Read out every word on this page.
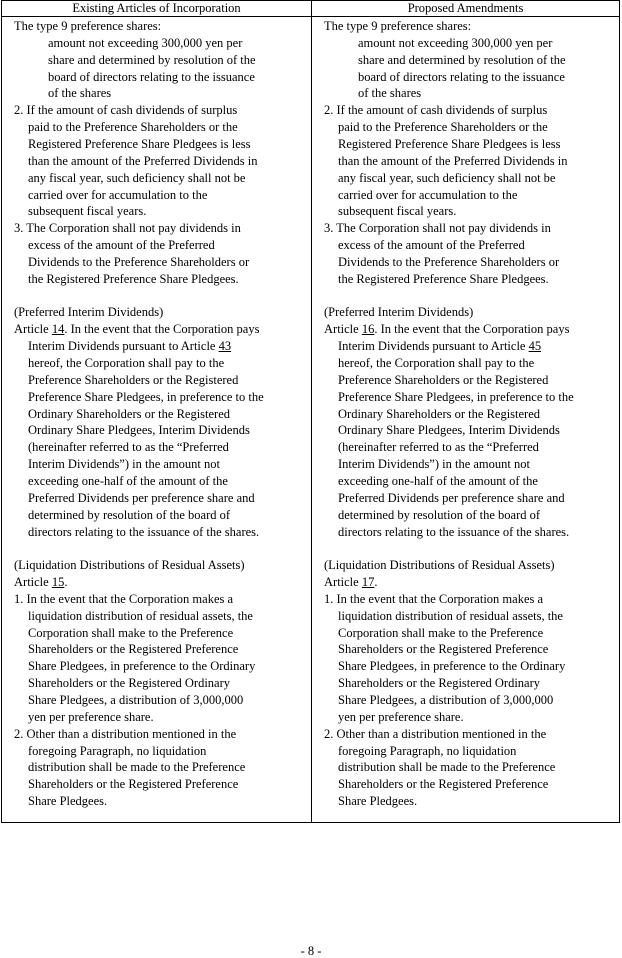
Existing Articles of Incorporation	Proposed Amendments
The type 9 preference shares:
amount not exceeding 300,000 yen per
share and determined by resolution of the
board of directors relating to the issuance
of the shares
2. If the amount of cash dividends of surplus
paid to the Preference Shareholders or the
Registered Preference Share Pledgees is less
than the amount of the Preferred Dividends in
any fiscal year, such deficiency shall not be
carried over for accumulation to the
subsequent fiscal years.
3. The Corporation shall not pay dividends in
excess of the amount of the Preferred
Dividends to the Preference Shareholders or
the Registered Preference Share Pledgees.
(Preferred Interim Dividends)
Article 14. In the event that the Corporation pays
Interim Dividends pursuant to Article 43
hereof, the Corporation shall pay to the
Preference Shareholders or the Registered
Preference Share Pledgees, in preference to the
Ordinary Shareholders or the Registered
Ordinary Share Pledgees, Interim Dividends
(hereinafter referred to as the “Preferred
Interim Dividends”) in the amount not
exceeding one-half of the amount of the
Preferred Dividends per preference share and
determined by resolution of the board of
directors relating to the issuance of the shares.
(Liquidation Distributions of Residual Assets)
Article 15.
1. In the event that the Corporation makes a
liquidation distribution of residual assets, the
Corporation shall make to the Preference
Shareholders or the Registered Preference
Share Pledgees, in preference to the Ordinary
Shareholders or the Registered Ordinary
Share Pledgees, a distribution of 3,000,000
yen per preference share.
2. Other than a distribution mentioned in the
foregoing Paragraph, no liquidation
distribution shall be made to the Preference
Shareholders or the Registered Preference
Share Pledgees.
The type 9 preference shares:
amount not exceeding 300,000 yen per
share and determined by resolution of the
board of directors relating to the issuance
of the shares
2. If the amount of cash dividends of surplus
paid to the Preference Shareholders or the
Registered Preference Share Pledgees is less
than the amount of the Preferred Dividends in
any fiscal year, such deficiency shall not be
carried over for accumulation to the
subsequent fiscal years.
3. The Corporation shall not pay dividends in
excess of the amount of the Preferred
Dividends to the Preference Shareholders or
the Registered Preference Share Pledgees.
(Preferred Interim Dividends)
Article 16. In the event that the Corporation pays
Interim Dividends pursuant to Article 45
hereof, the Corporation shall pay to the
Preference Shareholders or the Registered
Preference Share Pledgees, in preference to the
Ordinary Shareholders or the Registered
Ordinary Share Pledgees, Interim Dividends
(hereinafter referred to as the “Preferred
Interim Dividends”) in the amount not
exceeding one-half of the amount of the
Preferred Dividends per preference share and
determined by resolution of the board of
directors relating to the issuance of the shares.
(Liquidation Distributions of Residual Assets)
Article 17.
1. In the event that the Corporation makes a
liquidation distribution of residual assets, the
Corporation shall make to the Preference
Shareholders or the Registered Preference
Share Pledgees, in preference to the Ordinary
Shareholders or the Registered Ordinary
Share Pledgees, a distribution of 3,000,000
yen per preference share.
2. Other than a distribution mentioned in the
foregoing Paragraph, no liquidation
distribution shall be made to the Preference
Shareholders or the Registered Preference
Share Pledgees.
- 8 -
